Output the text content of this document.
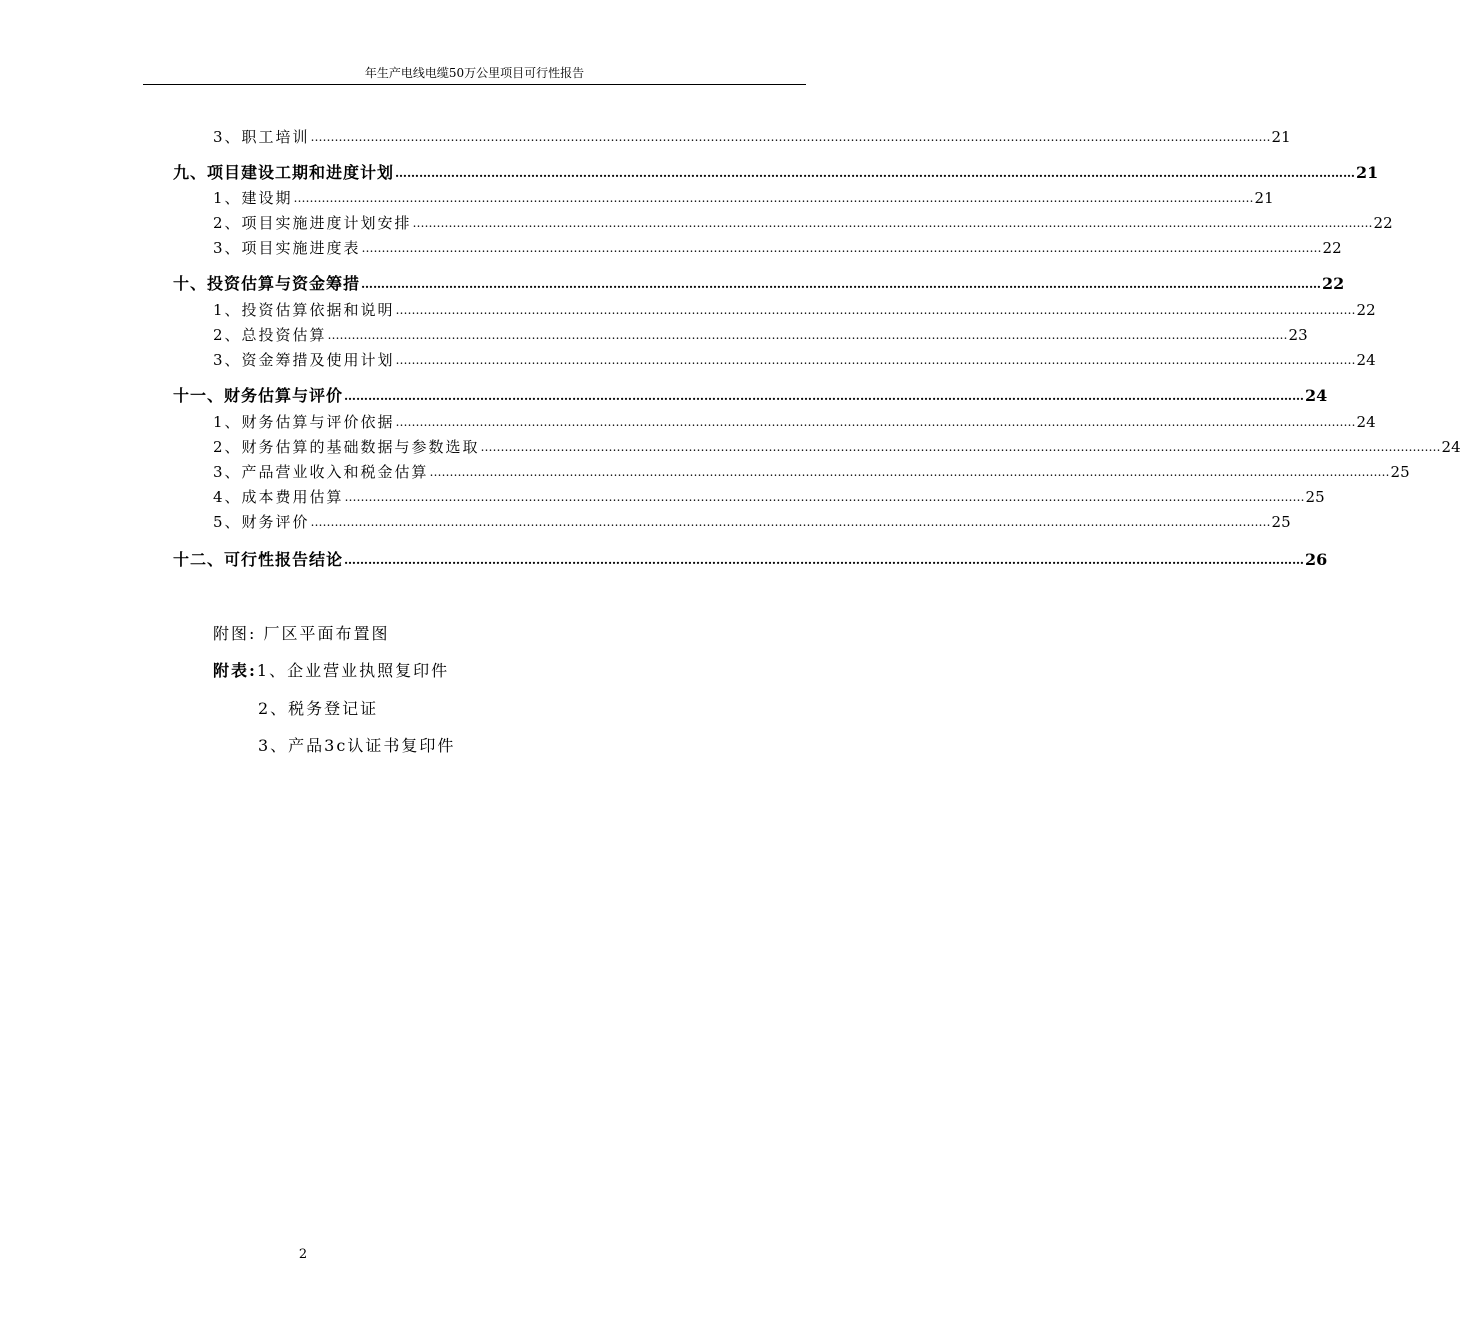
年生产电线电缆50万公里项目可行性报告
3、职工培训 …………………………………………………………………………………………………………………………………………………………………………………………………………………… 21
九、项目建设工期和进度计划 …………………………………………………………………………………………………………………………………………………………………………………………………………………… 21
1、建设期 …………………………………………………………………………………………………………………………………………………………………………………………………………………… 21
2、项目实施进度计划安排 …………………………………………………………………………………………………………………………………………………………………………………………………………………… 22
3、项目实施进度表 …………………………………………………………………………………………………………………………………………………………………………………………………………………… 22
十、投资估算与资金筹措 …………………………………………………………………………………………………………………………………………………………………………………………………………………… 22
1、投资估算依据和说明 …………………………………………………………………………………………………………………………………………………………………………………………………………………… 22
2、总投资估算 …………………………………………………………………………………………………………………………………………………………………………………………………………………… 23
3、资金筹措及使用计划 …………………………………………………………………………………………………………………………………………………………………………………………………………………… 24
十一、财务估算与评价 …………………………………………………………………………………………………………………………………………………………………………………………………………………… 24
1、财务估算与评价依据 …………………………………………………………………………………………………………………………………………………………………………………………………………………… 24
2、财务估算的基础数据与参数选取 …………………………………………………………………………………………………………………………………………………………………………………………………………………… 24
3、产品营业收入和税金估算 …………………………………………………………………………………………………………………………………………………………………………………………………………………… 25
4、成本费用估算 …………………………………………………………………………………………………………………………………………………………………………………………………………………… 25
5、财务评价 …………………………………………………………………………………………………………………………………………………………………………………………………………………… 25
十二、可行性报告结论 …………………………………………………………………………………………………………………………………………………………………………………………………………………… 26
附图: 厂区平面布置图
附表:1、企业营业执照复印件
2、税务登记证
3、产品3c认证书复印件
2
